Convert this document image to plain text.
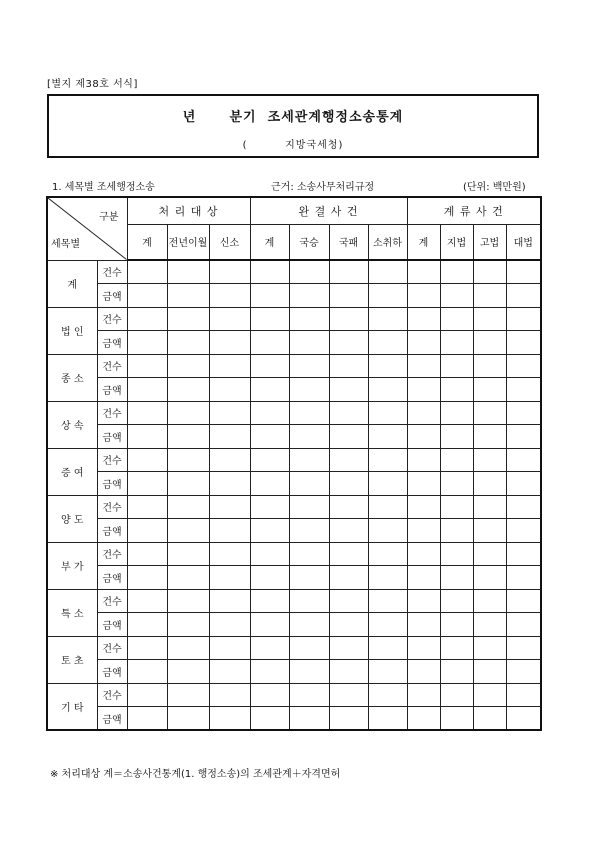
[별지 제38호 서식]
년      분기  조세관계행정소송통계
(         지방국세청)
1. 세목별 조세행정소송	근거: 소송사무처리규정	(단위: 백만원)
구분
세목별		처 리 대 상			완 결 사 건				계 류 사 건			
		계	전년이월	신소	계	국승	국패	소취하	계	지법	고법	대법
계	건수											
	금액											
법 인	건수											
	금액											
종 소	건수											
	금액											
상 속	건수											
	금액											
증 여	건수											
	금액											
양 도	건수											
	금액											
부 가	건수											
	금액											
특 소	건수											
	금액											
토 초	건수											
	금액											
기 타	건수											
	금액											
※ 처리대상 계＝소송사건통계(1. 행정소송)의 조세관계＋자격면허
